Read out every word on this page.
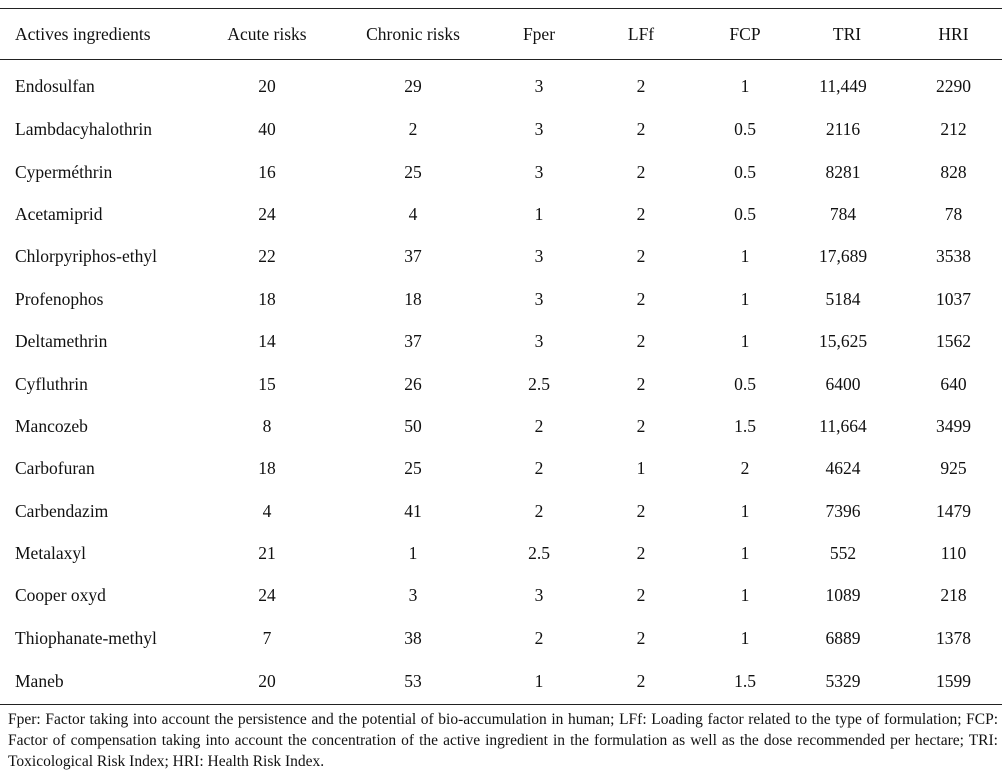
Actives ingredients	Acute risks	Chronic risks	Fper	LFf	FCP	TRI	HRI
Endosulfan	20	29	3	2	1	11,449	2290
Lambdacyhalothrin	40	2	3	2	0.5	2116	212
Cyperméthrin	16	25	3	2	0.5	8281	828
Acetamiprid	24	4	1	2	0.5	784	78
Chlorpyriphos-ethyl	22	37	3	2	1	17,689	3538
Profenophos	18	18	3	2	1	5184	1037
Deltamethrin	14	37	3	2	1	15,625	1562
Cyfluthrin	15	26	2.5	2	0.5	6400	640
Mancozeb	8	50	2	2	1.5	11,664	3499
Carbofuran	18	25	2	1	2	4624	925
Carbendazim	4	41	2	2	1	7396	1479
Metalaxyl	21	1	2.5	2	1	552	110
Cooper oxyd	24	3	3	2	1	1089	218
Thiophanate-methyl	7	38	2	2	1	6889	1378
Maneb	20	53	1	2	1.5	5329	1599

Fper: Factor taking into account the persistence and the potential of bio-accumulation in human; LFf: Loading factor related to the type of formulation; FCP: Factor of compensation taking into account the concentration of the active ingredient in the formulation as well as the dose recommended per hectare; TRI: Toxicological Risk Index; HRI: Health Risk Index.
